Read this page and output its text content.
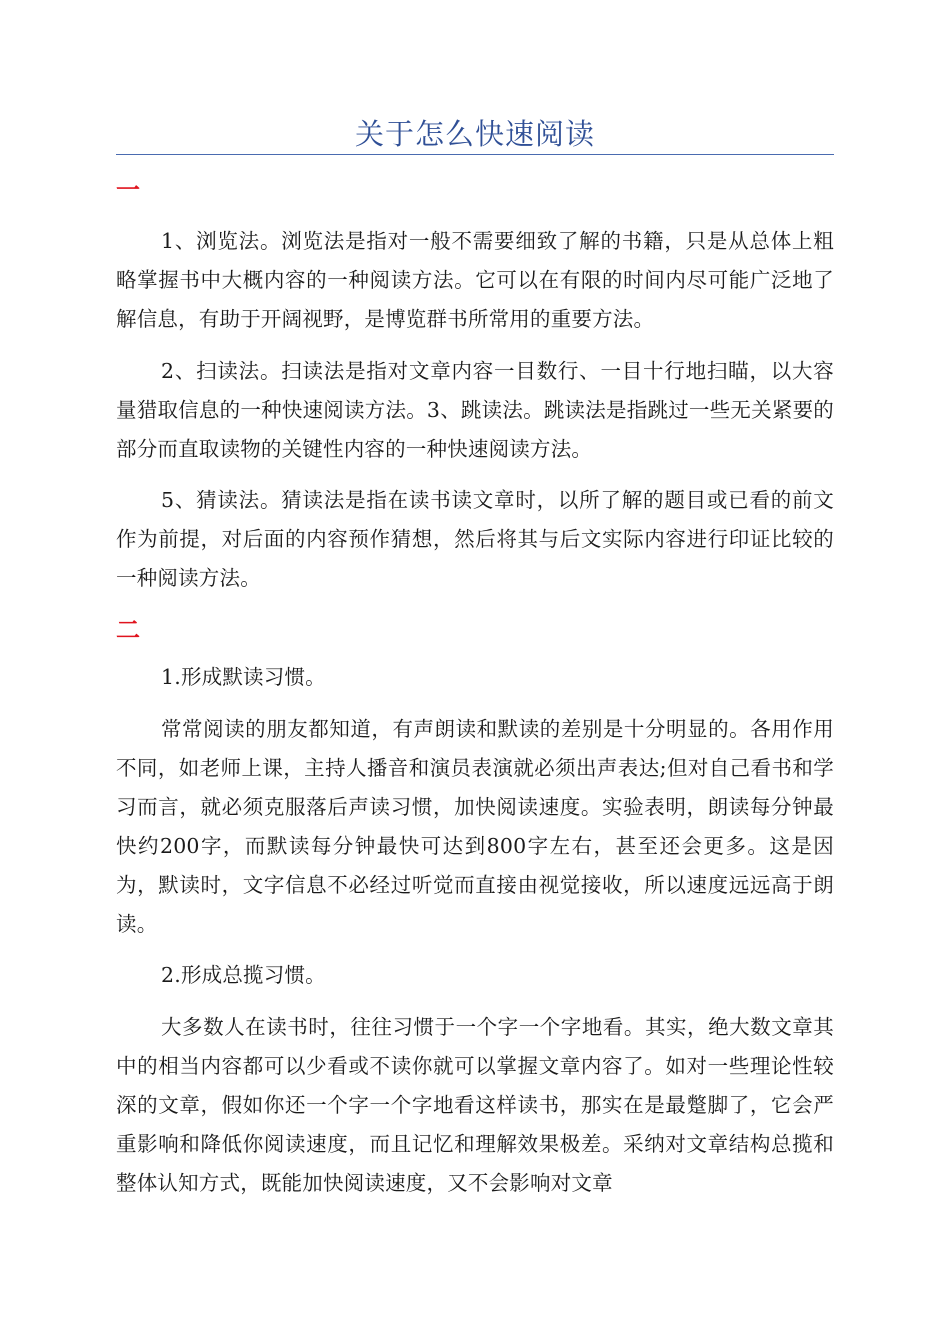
关于怎么快速阅读
一

1、浏览法。浏览法是指对一般不需要细致了解的书籍，只是从总体上粗略掌握书中大概内容的一种阅读方法。它可以在有限的时间内尽可能广泛地了解信息，有助于开阔视野，是博览群书所常用的重要方法。

2、扫读法。扫读法是指对文章内容一目数行、一目十行地扫瞄，以大容量猎取信息的一种快速阅读方法。3、跳读法。跳读法是指跳过一些无关紧要的部分而直取读物的关键性内容的一种快速阅读方法。

5、猜读法。猜读法是指在读书读文章时，以所了解的题目或已看的前文作为前提，对后面的内容预作猜想，然后将其与后文实际内容进行印证比较的一种阅读方法。

二

1.形成默读习惯。

常常阅读的朋友都知道，有声朗读和默读的差别是十分明显的。各用作用不同，如老师上课，主持人播音和演员表演就必须出声表达;但对自己看书和学习而言，就必须克服落后声读习惯，加快阅读速度。实验表明，朗读每分钟最快约200字，而默读每分钟最快可达到800字左右，甚至还会更多。这是因为，默读时，文字信息不必经过听觉而直接由视觉接收，所以速度远远高于朗读。

2.形成总揽习惯。

大多数人在读书时，往往习惯于一个字一个字地看。其实，绝大数文章其中的相当内容都可以少看或不读你就可以掌握文章内容了。如对一些理论性较深的文章，假如你还一个字一个字地看这样读书，那实在是最蹩脚了，它会严重影响和降低你阅读速度，而且记忆和理解效果极差。采纳对文章结构总揽和整体认知方式，既能加快阅读速度，又不会影响对文章
